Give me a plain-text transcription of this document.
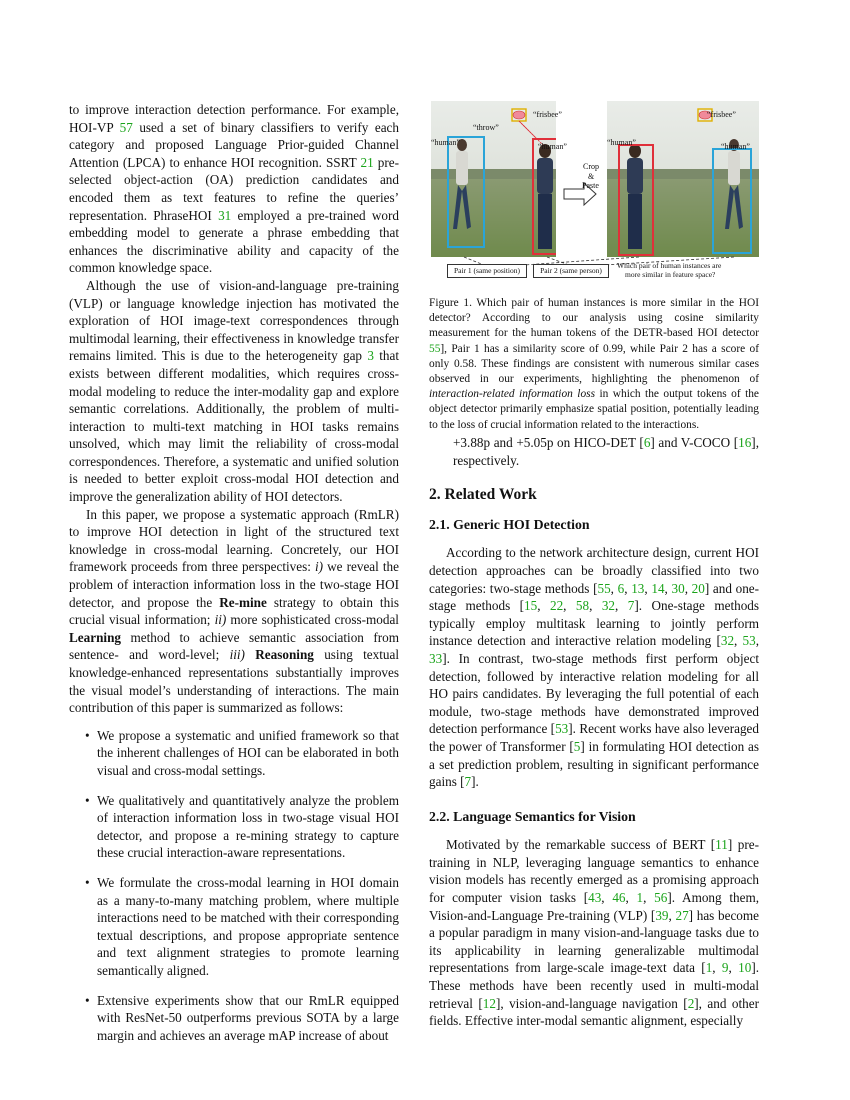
to improve interaction detection performance. For example, HOI-VP 57 used a set of binary classifiers to verify each category and proposed Language Prior-guided Channel Attention (LPCA) to enhance HOI recognition. SSRT 21 pre-selected object-action (OA) prediction candidates and encoded them as text features to refine the queries’ representation. PhraseHOI 31 employed a pre-trained word embedding model to generate a phrase embedding that enhances the discriminative ability and capacity of the common knowledge space.

Although the use of vision-and-language pre-training (VLP) or language knowledge injection has motivated the exploration of HOI image-text correspondences through multimodal learning, their effectiveness in knowledge transfer remains limited. This is due to the heterogeneity gap 3 that exists between different modalities, which requires cross-modal modeling to reduce the inter-modality gap and explore semantic correlations. Additionally, the problem of multi-interaction to multi-text matching in HOI tasks remains unsolved, which may limit the reliability of cross-modal correspondences. Therefore, a systematic and unified solution is needed to better exploit cross-modal HOI detection and improve the generalization ability of HOI detectors.

In this paper, we propose a systematic approach (RmLR) to improve HOI detection in light of the structured text knowledge in cross-modal learning. Concretely, our HOI framework proceeds from three perspectives: i) we reveal the problem of interaction information loss in the two-stage HOI detector, and propose the Re-mine strategy to obtain this crucial visual information; ii) more sophisticated cross-modal Learning method to achieve semantic association from sentence- and word-level; iii) Reasoning using textual knowledge-enhanced representations substantially improves the visual model’s understanding of interactions. The main contribution of this paper is summarized as follows:

• We propose a systematic and unified framework so that the inherent challenges of HOI can be elaborated in both visual and cross-modal settings.
• We qualitatively and quantitatively analyze the problem of interaction information loss in two-stage visual HOI detector, and propose a re-mining strategy to capture these crucial interaction-aware representations.
• We formulate the cross-modal learning in HOI domain as a many-to-many matching problem, where multiple interactions need to be matched with their corresponding textual descriptions, and propose appropriate sentence and text alignment strategies to promote learning semantically aligned.
• Extensive experiments show that our RmLR equipped with ResNet-50 outperforms previous SOTA by a large margin and achieves an average mAP increase of about
“frisbee”
“throw”
“human”	“human”
Crop
&
Paste
“frisbee”
“human”	“human”
Pair 1 (same position)	Pair 2 (same person)
Which pair of human instances are
more similar in feature space?

Figure 1. Which pair of human instances is more similar in the HOI detector? According to our analysis using cosine similarity measurement for the human tokens of the DETR-based HOI detector 55], Pair 1 has a similarity score of 0.99, while Pair 2 has a score of only 0.58. These findings are consistent with numerous similar cases observed in our experiments, highlighting the phenomenon of interaction-related information loss in which the output tokens of the object detector primarily emphasize spatial position, potentially leading to the loss of crucial information related to the interactions.

+3.88p and +5.05p on HICO-DET [6] and V-COCO [16], respectively.

2. Related Work
2.1. Generic HOI Detection

According to the network architecture design, current HOI detection approaches can be broadly classified into two categories: two-stage methods [55, 6, 13, 14, 30, 20] and one-stage methods [15, 22, 58, 32, 7]. One-stage methods typically employ multitask learning to jointly perform instance detection and interactive relation modeling [32, 53, 33]. In contrast, two-stage methods first perform object detection, followed by interactive relation modeling for all HO pairs candidates. By leveraging the full potential of each module, two-stage methods have demonstrated improved detection performance [53]. Recent works have also leveraged the power of Transformer [5] in formulating HOI detection as a set prediction problem, resulting in significant performance gains [7].

2.2. Language Semantics for Vision

Motivated by the remarkable success of BERT [11] pre-training in NLP, leveraging language semantics to enhance vision models has recently emerged as a promising approach for computer vision tasks [43, 46, 1, 56]. Among them, Vision-and-Language Pre-training (VLP) [39, 27] has become a popular paradigm in many vision-and-language tasks due to its applicability in learning generalizable multimodal representations from large-scale image-text data [1, 9, 10]. These methods have been recently used in multi-modal retrieval [12], vision-and-language navigation [2], and other fields. Effective inter-modal semantic alignment, especially
